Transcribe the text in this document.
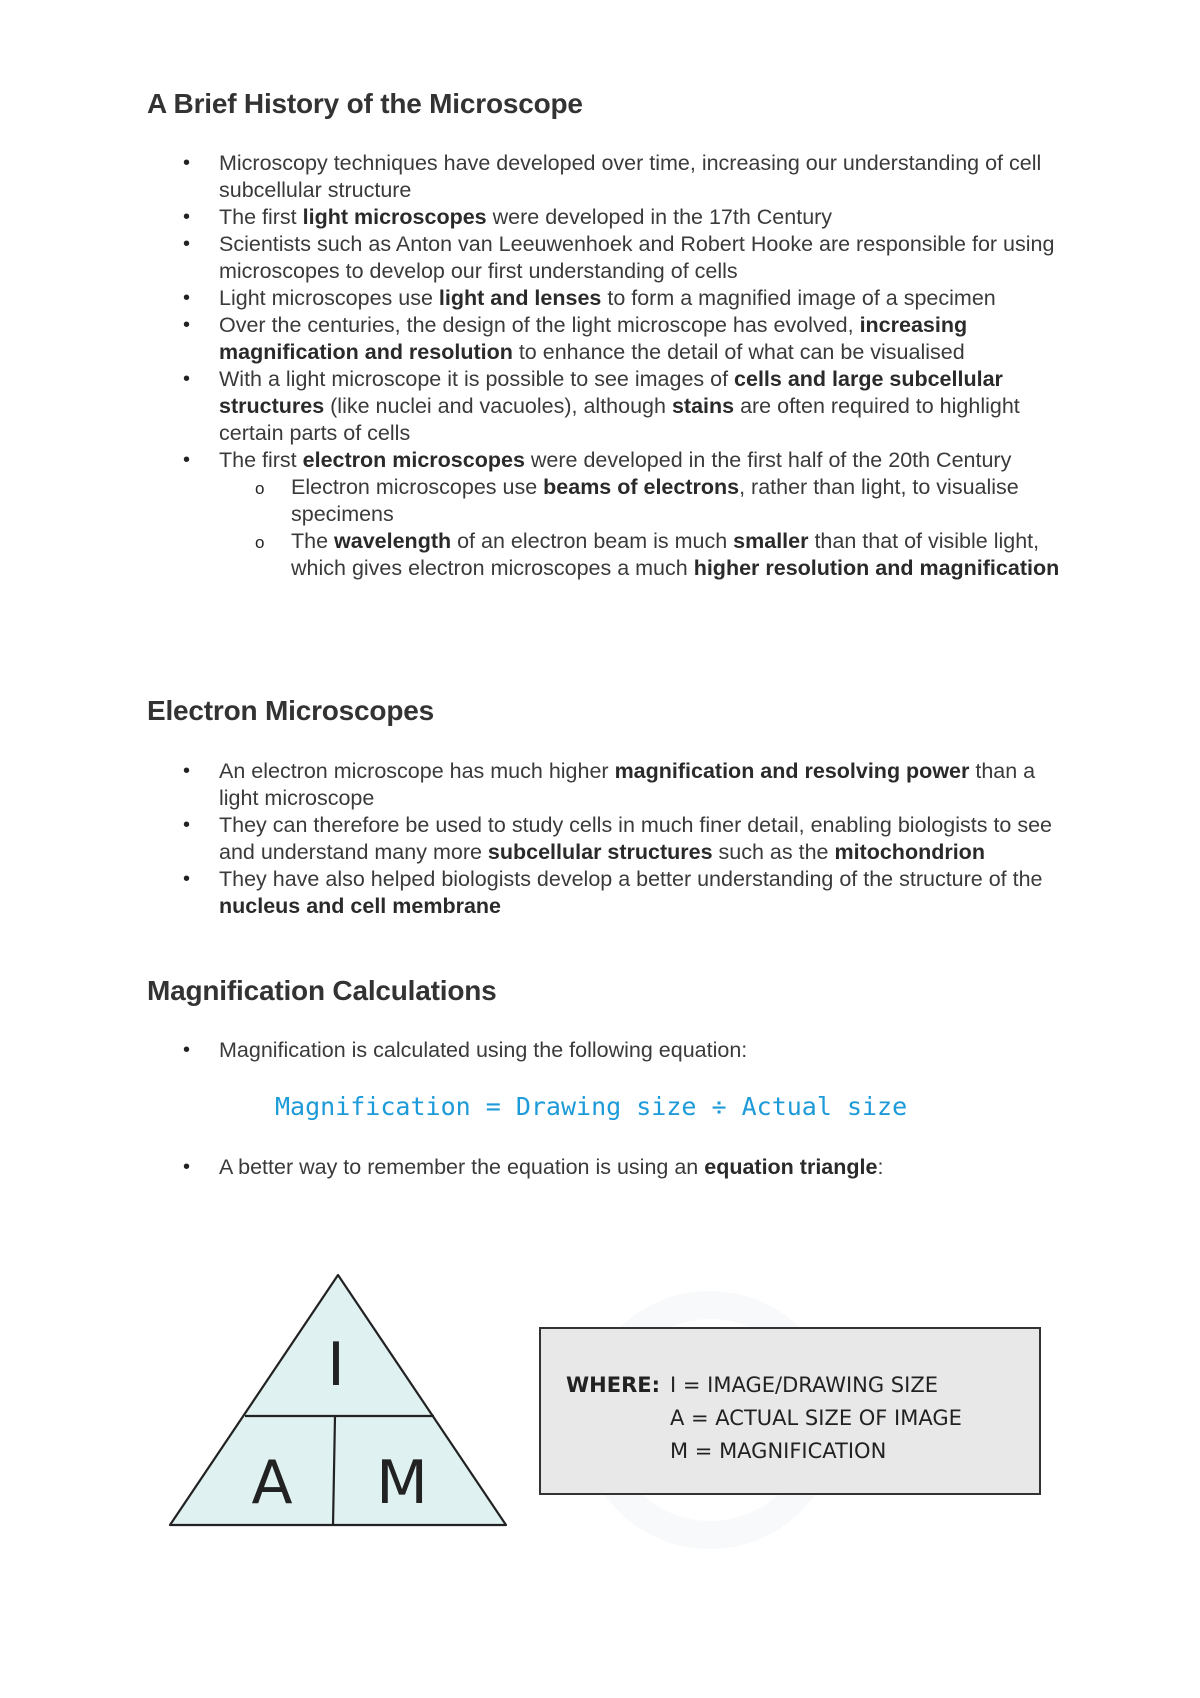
A Brief History of the Microscope
• Microscopy techniques have developed over time, increasing our understanding of cell subcellular structure
• The first light microscopes were developed in the 17th Century
• Scientists such as Anton van Leeuwenhoek and Robert Hooke are responsible for using microscopes to develop our first understanding of cells
• Light microscopes use light and lenses to form a magnified image of a specimen
• Over the centuries, the design of the light microscope has evolved, increasing magnification and resolution to enhance the detail of what can be visualised
• With a light microscope it is possible to see images of cells and large subcellular structures (like nuclei and vacuoles), although stains are often required to highlight certain parts of cells
• The first electron microscopes were developed in the first half of the 20th Century
o Electron microscopes use beams of electrons, rather than light, to visualise specimens
o The wavelength of an electron beam is much smaller than that of visible light, which gives electron microscopes a much higher resolution and magnification
Electron Microscopes
• An electron microscope has much higher magnification and resolving power than a light microscope
• They can therefore be used to study cells in much finer detail, enabling biologists to see and understand many more subcellular structures such as the mitochondrion
• They have also helped biologists develop a better understanding of the structure of the nucleus and cell membrane
Magnification Calculations
• Magnification is calculated using the following equation:
Magnification = Drawing size ÷ Actual size
• A better way to remember the equation is using an equation triangle:
I
A M
WHERE: I = IMAGE/DRAWING SIZE
A = ACTUAL SIZE OF IMAGE
M = MAGNIFICATION
